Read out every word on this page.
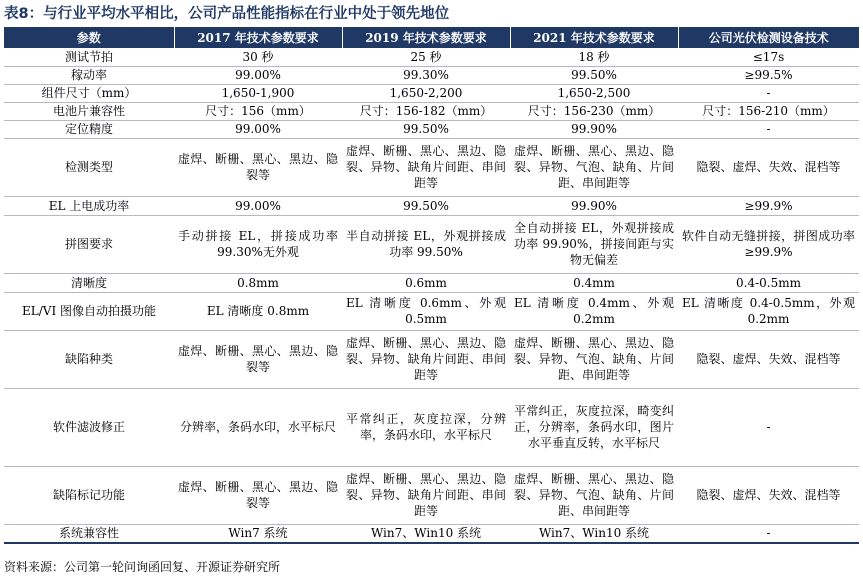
表8：与行业平均水平相比，公司产品性能指标在行业中处于领先地位
参数	2017 年技术参数要求	2019 年技术参数要求	2021 年技术参数要求	公司光伏检测设备技术
测试节拍	30 秒	25 秒	18 秒	≤17s
稼动率	99.00%	99.30%	99.50%	≥99.5%
组件尺寸（mm）	1,650-1,900	1,650-2,200	1,650-2,500	-
电池片兼容性	尺寸：156（mm）	尺寸：156-182（mm）	尺寸：156-230（mm）	尺寸：156-210（mm）
定位精度	99.00%	99.50%	99.90%	-
检测类型	虚焊、断栅、黑心、黑边、隐裂等	虚焊、断栅、黑心、黑边、隐裂、异物、缺角片间距、串间距等	虚焊、断栅、黑心、黑边、隐裂、异物、气泡、缺角、片间距、串间距等	隐裂、虚焊、失效、混档等
EL 上电成功率	99.00%	99.50%	99.90%	≥99.9%
拼图要求	手动拼接 EL，拼接成功率 99.30%无外观	半自动拼接 EL，外观拼接成功率 99.50%	全自动拼接 EL，外观拼接成功率 99.90%，拼接间距与实物无偏差	软件自动无缝拼接，拼图成功率≥99.9%
清晰度	0.8mm	0.6mm	0.4mm	0.4-0.5mm
EL/VI 图像自动拍摄功能	EL 清晰度 0.8mm	EL 清晰度 0.6mm、外观 0.5mm	EL 清晰度 0.4mm、外观 0.2mm	EL 清晰度 0.4-0.5mm，外观 0.2mm
缺陷种类	虚焊、断栅、黑心、黑边、隐裂等	虚焊、断栅、黑心、黑边、隐裂、异物、缺角片间距、串间距等	虚焊、断栅、黑心、黑边、隐裂、异物、气泡、缺角、片间距、串间距等	隐裂、虚焊、失效、混档等
软件滤波修正	分辨率，条码水印，水平标尺	平常纠正，灰度拉深，分辨率，条码水印，水平标尺	平常纠正，灰度拉深，畸变纠正，分辨率，条码水印，图片水平垂直反转，水平标尺	-
缺陷标记功能	虚焊、断栅、黑心、黑边、隐裂等	虚焊、断栅、黑心、黑边、隐裂、异物、缺角片间距、串间距等	虚焊、断栅、黑心、黑边、隐裂、异物、气泡、缺角、片间距、串间距等	隐裂、虚焊、失效、混档等
系统兼容性	Win7 系统	Win7、Win10 系统	Win7、Win10 系统	-
资料来源：公司第一轮问询函回复、开源证券研究所
